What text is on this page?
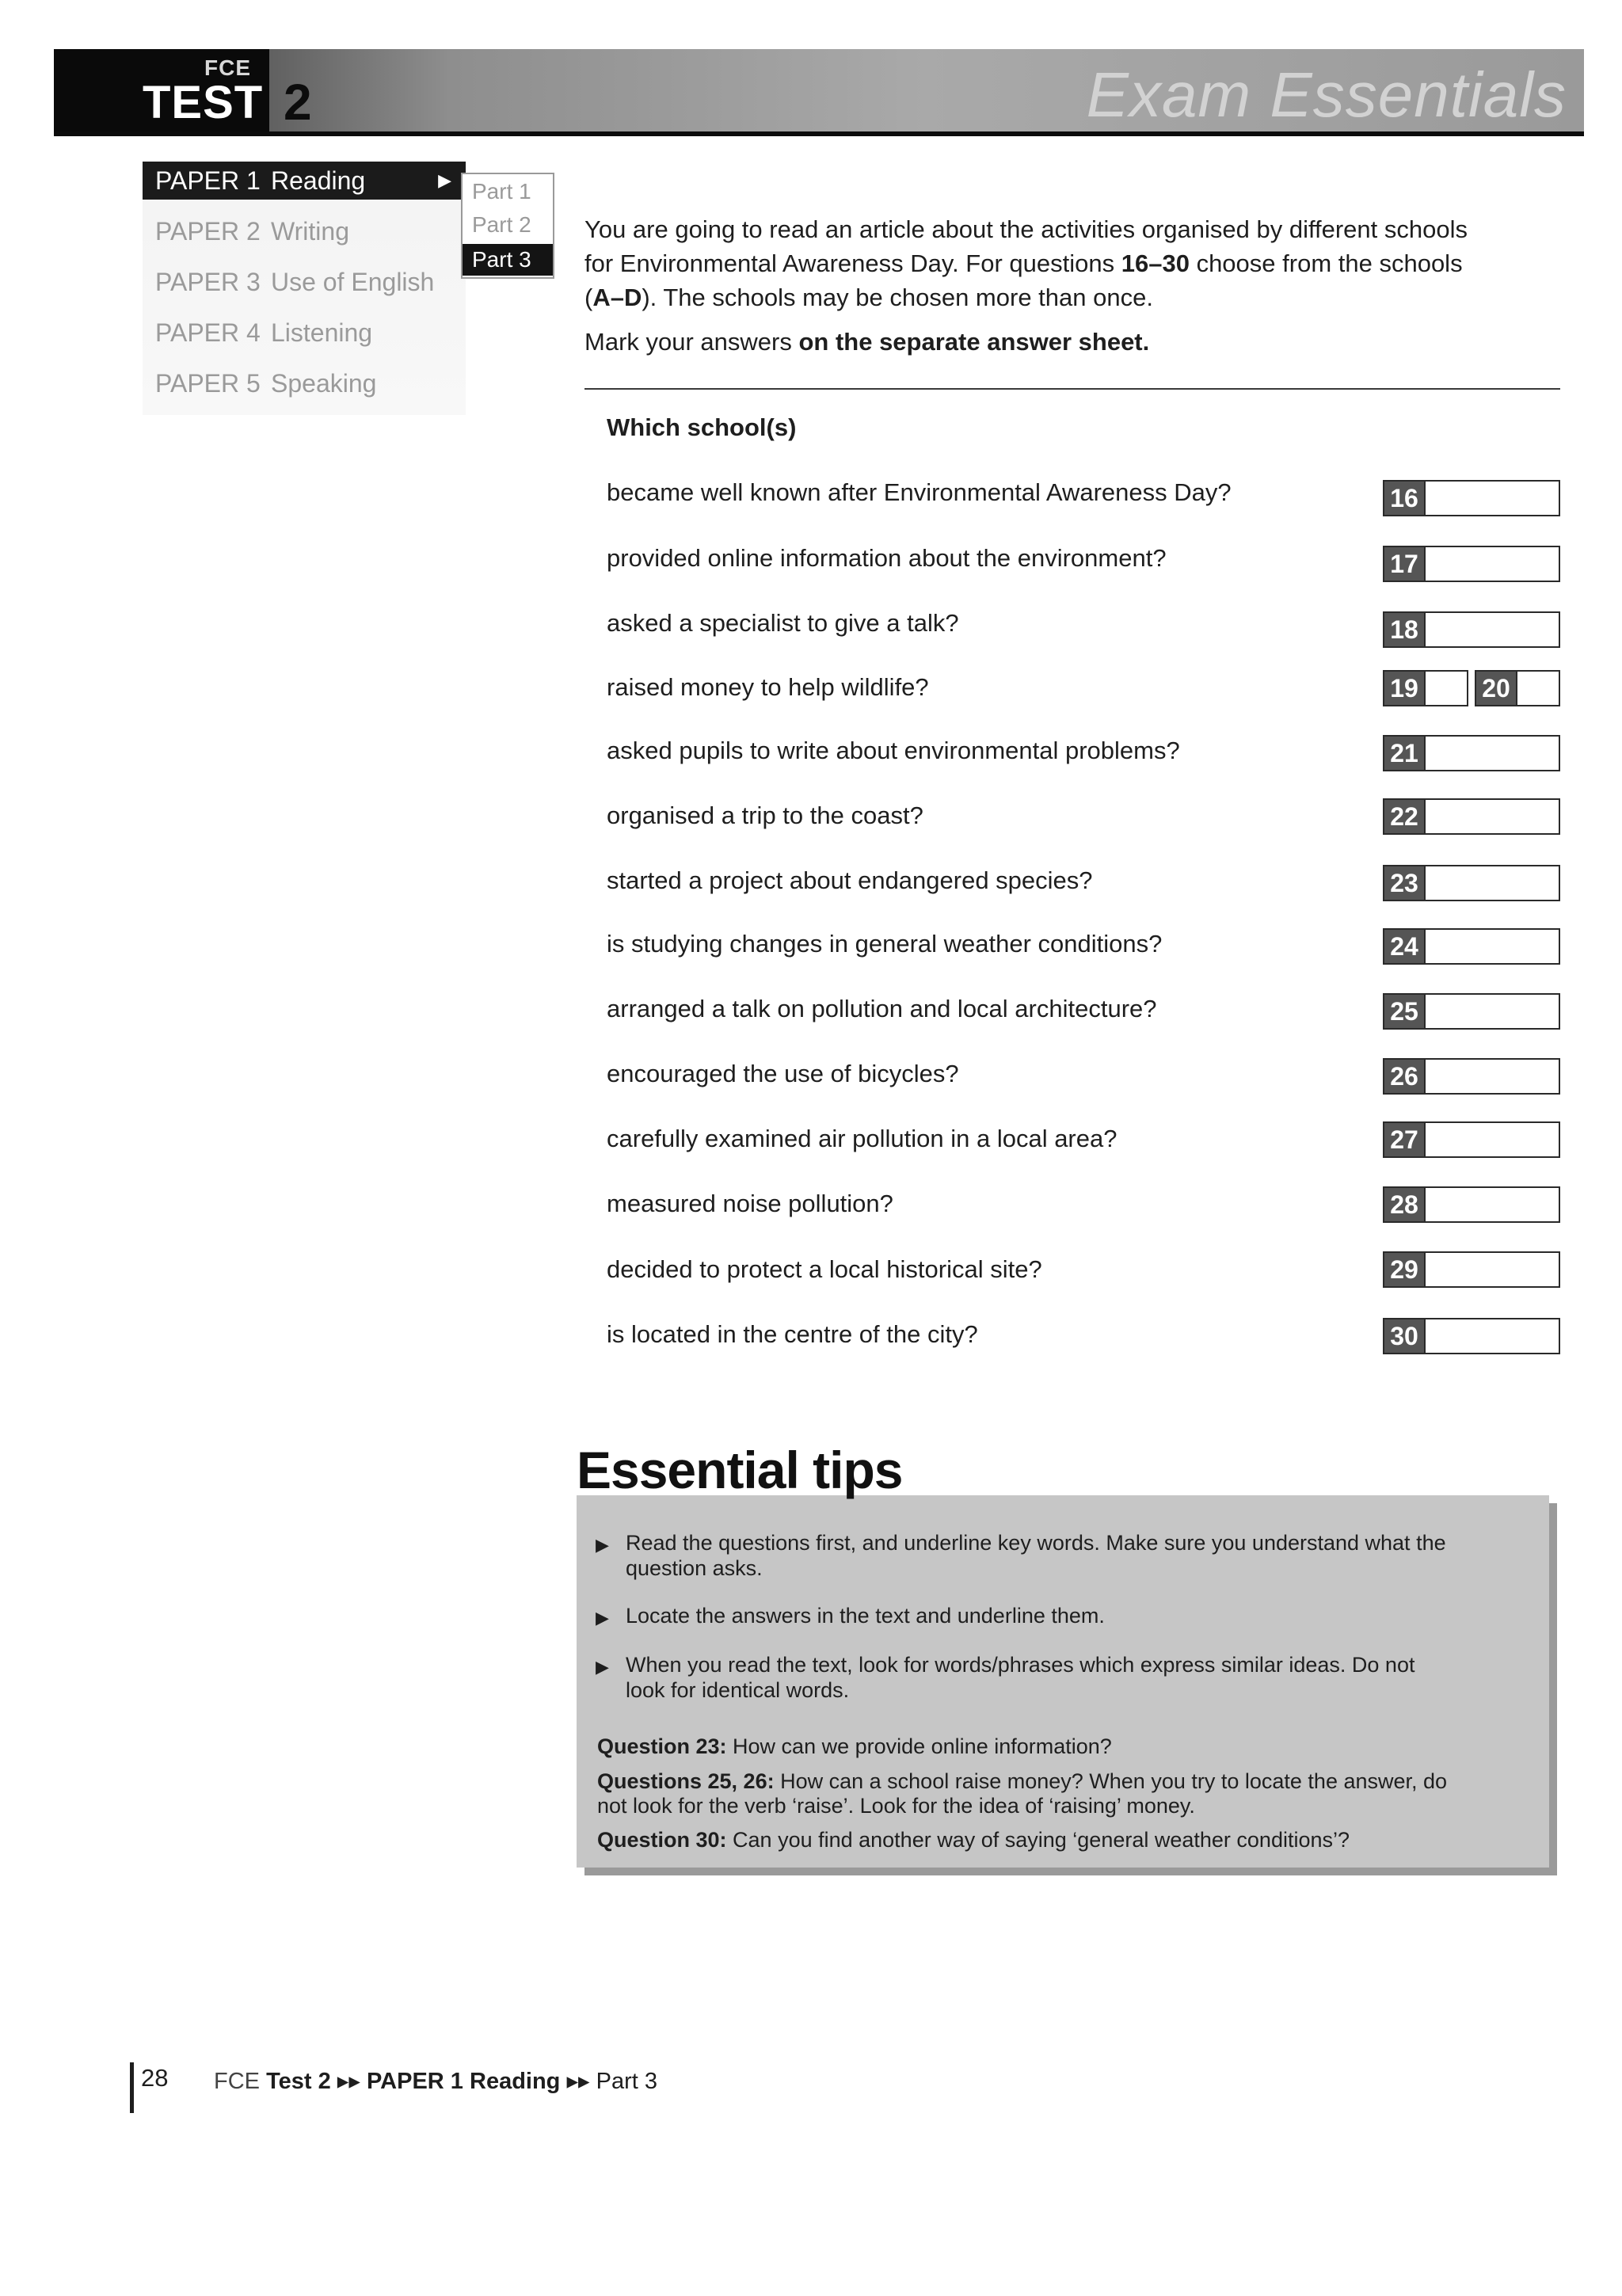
FCE
TEST 2	Exam Essentials
PAPER 1 Reading	▶
PAPER 2 Writing
PAPER 3 Use of English
PAPER 4 Listening
PAPER 5 Speaking
Part 1
Part 2
Part 3
You are going to read an article about the activities organised by different schools
for Environmental Awareness Day. For questions 16–30 choose from the schools
(A–D). The schools may be chosen more than once.
Mark your answers on the separate answer sheet.
Which school(s)
became well known after Environmental Awareness Day?	16
provided online information about the environment?	17
asked a specialist to give a talk?	18
raised money to help wildlife?	19	20
asked pupils to write about environmental problems?	21
organised a trip to the coast?	22
started a project about endangered species?	23
is studying changes in general weather conditions?	24
arranged a talk on pollution and local architecture?	25
encouraged the use of bicycles?	26
carefully examined air pollution in a local area?	27
measured noise pollution?	28
decided to protect a local historical site?	29
is located in the centre of the city?	30
Essential tips
▶ Read the questions first, and underline key words. Make sure you understand what the
question asks.
▶ Locate the answers in the text and underline them.
▶ When you read the text, look for words/phrases which express similar ideas. Do not
look for identical words.
Question 23: How can we provide online information?
Questions 25, 26: How can a school raise money? When you try to locate the answer, do
not look for the verb ‘raise’. Look for the idea of ‘raising’ money.
Question 30: Can you find another way of saying ‘general weather conditions’?
28 FCE Test 2 ▸▸ PAPER 1 Reading ▸▸ Part 3
